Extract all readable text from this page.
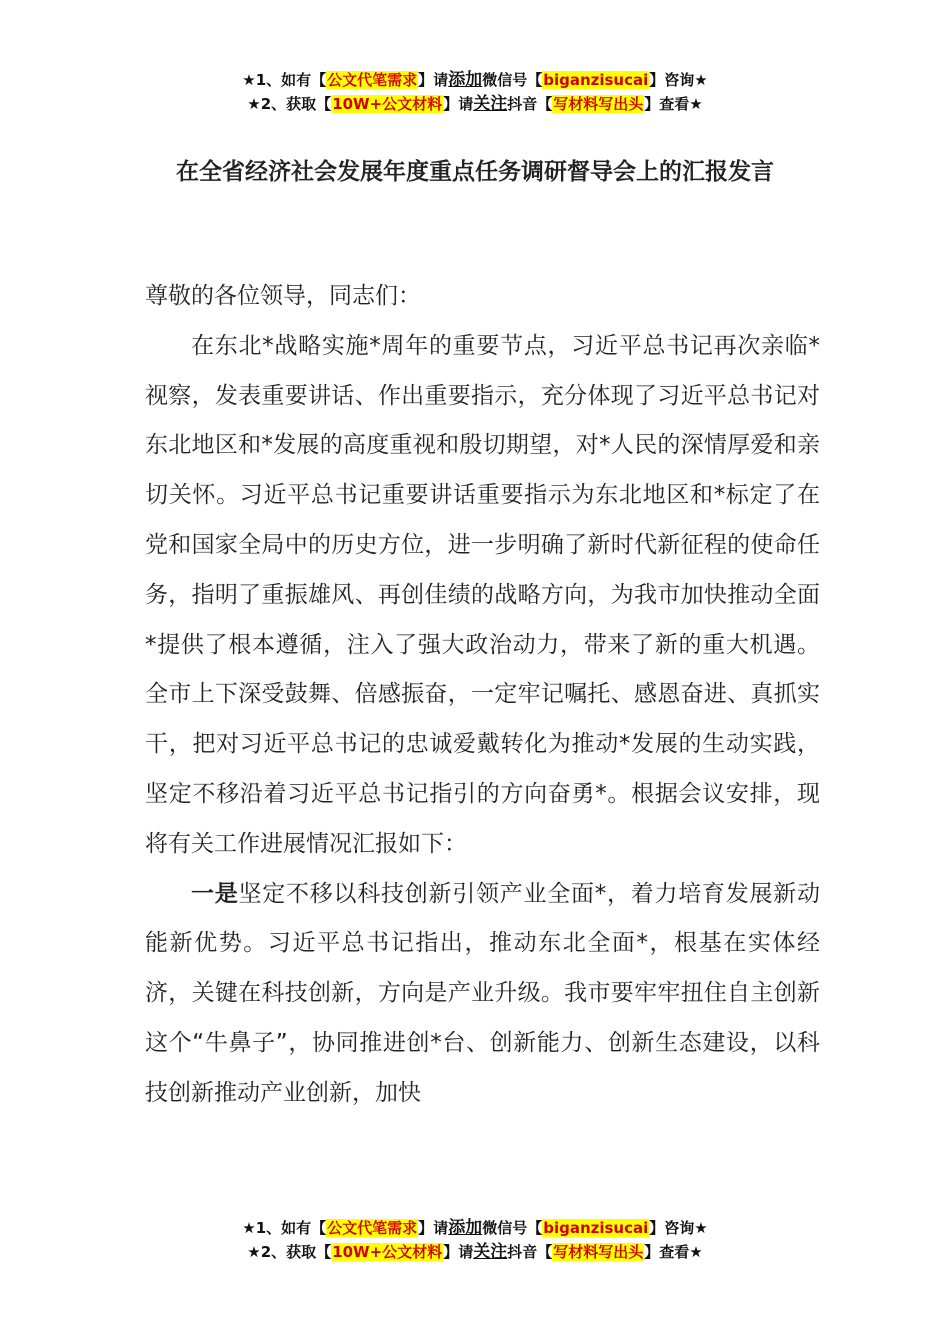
★1、如有【公文代笔需求】请添加微信号【biganzisucai】咨询★
★2、获取【10W+公文材料】请关注抖音【写材料写出头】查看★
在全省经济社会发展年度重点任务调研督导会上的汇报发言

尊敬的各位领导，同志们：

在东北*战略实施*周年的重要节点，习近平总书记再次亲临*视察，发表重要讲话、作出重要指示，充分体现了习近平总书记对东北地区和*发展的高度重视和殷切期望，对*人民的深情厚爱和亲切关怀。习近平总书记重要讲话重要指示为东北地区和*标定了在党和国家全局中的历史方位，进一步明确了新时代新征程的使命任务，指明了重振雄风、再创佳绩的战略方向，为我市加快推动全面*提供了根本遵循，注入了强大政治动力，带来了新的重大机遇。全市上下深受鼓舞、倍感振奋，一定牢记嘱托、感恩奋进、真抓实干，把对习近平总书记的忠诚爱戴转化为推动*发展的生动实践，坚定不移沿着习近平总书记指引的方向奋勇*。根据会议安排，现将有关工作进展情况汇报如下：

一是坚定不移以科技创新引领产业全面*，着力培育发展新动能新优势。习近平总书记指出，推动东北全面*，根基在实体经济，关键在科技创新，方向是产业升级。我市要牢牢扭住自主创新这个“牛鼻子”，协同推进创*台、创新能力、创新生态建设，以科技创新推动产业创新，加快

★1、如有【公文代笔需求】请添加微信号【biganzisucai】咨询★
★2、获取【10W+公文材料】请关注抖音【写材料写出头】查看★
